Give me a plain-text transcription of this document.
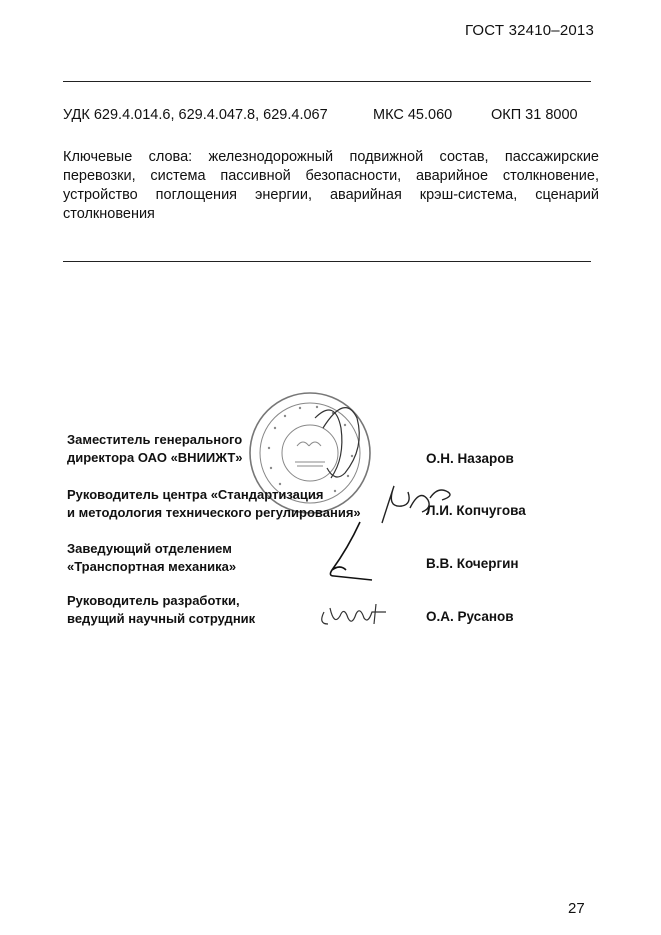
ГОСТ 32410–2013
УДК 629.4.014.6, 629.4.047.8, 629.4.067	МКС 45.060	ОКП 31 8000
Ключевые слова: железнодорожный подвижной состав, пассажирские перевозки, система пассивной безопасности, аварийное столкновение, устройство поглощения энергии, аварийная крэш-система, сценарий столкновения
Заместитель генерального
директора ОАО «ВНИИЖТ»	О.Н. Назаров
Руководитель центра «Стандартизация
и методология технического регулирования»	Л.И. Копчугова
Заведующий отделением
«Транспортная механика»	В.В. Кочергин
Руководитель разработки,
ведущий научный сотрудник	О.А. Русанов
27
